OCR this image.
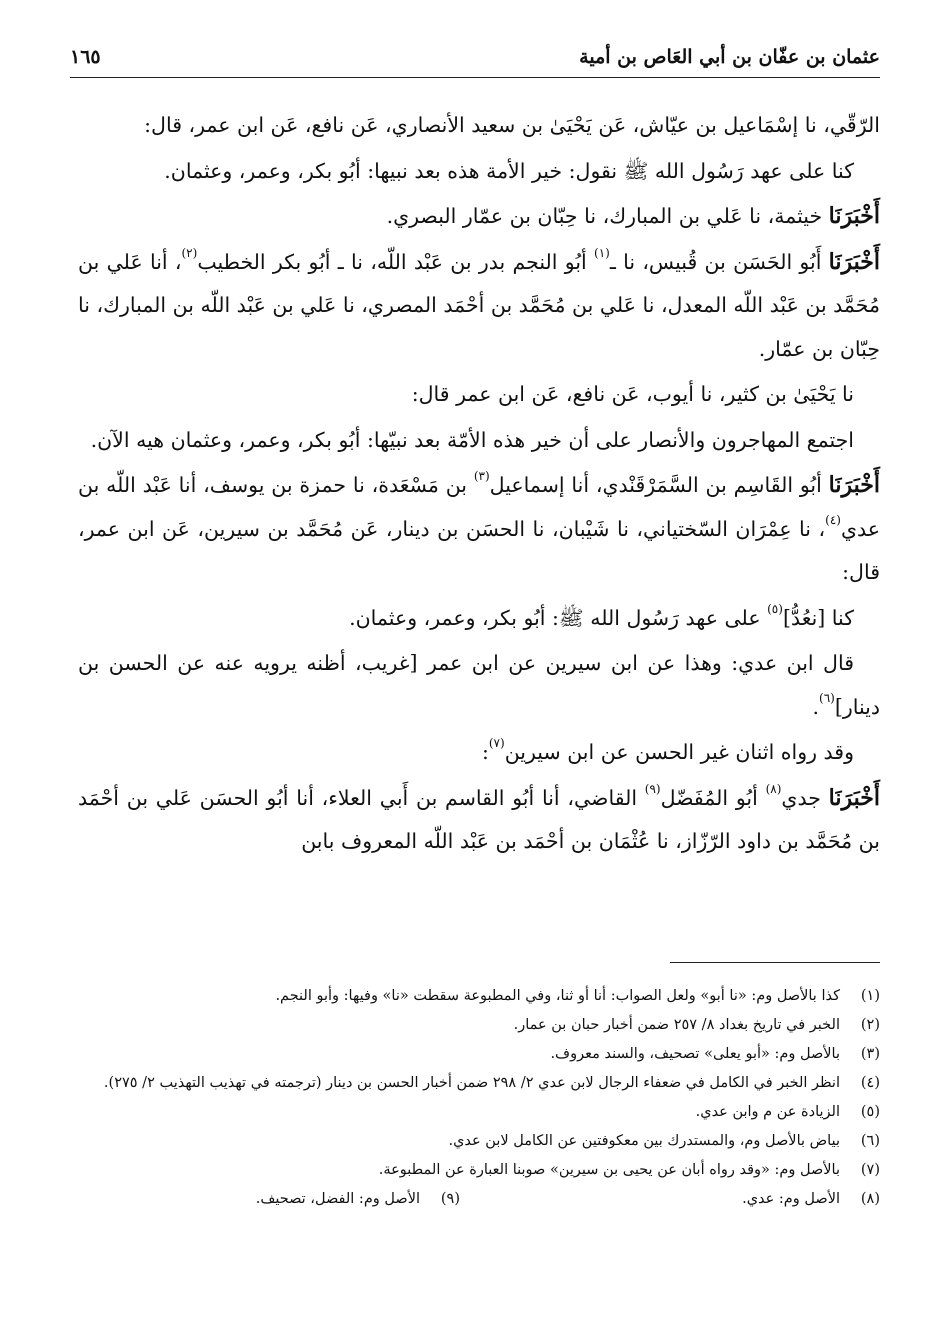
عثمان بن عفّان بن أبي العَاص بن أمية
١٦٥

الرّقّي، نا إسْمَاعيل بن عيّاش، عَن يَحْيَىٰ بن سعيد الأنصاري، عَن نافع، عَن ابن عمر، قال:

كنا على عهد رَسُول الله ﷺ نقول: خير الأمة هذه بعد نبيها: أبُو بكر، وعمر، وعثمان.

أَخْبَرَنَا خيثمة، نا عَلي بن المبارك، نا حِبّان بن عمّار البصري.

أَخْبَرَنَا أَبُو الحَسَن بن قُبيس، نا ـ$^{(١)}$ أبُو النجم بدر بن عَبْد اللّه، نا ـ أبُو بكر الخطيب$^{(٢)}$، أنا عَلي بن مُحَمَّد بن عَبْد اللّه المعدل، نا عَلي بن مُحَمَّد بن أحْمَد المصري، نا عَلي بن عَبْد اللّه بن المبارك، نا حِبّان بن عمّار.

نا يَحْيَىٰ بن كثير، نا أيوب، عَن نافع، عَن ابن عمر قال:

اجتمع المهاجرون والأنصار على أن خير هذه الأمّة بعد نبيّها: أبُو بكر، وعمر، وعثمان هيه الآن.

أَخْبَرَنَا أبُو القَاسِم بن السَّمَرْقَنْدي، أنا إسماعيل$^{(٣)}$ بن مَسْعَدة، نا حمزة بن يوسف، أنا عَبْد اللّه بن عدي$^{(٤)}$، نا عِمْرَان السّختياني، نا شَيْبان، نا الحسَن بن دينار، عَن مُحَمَّد بن سيرين، عَن ابن عمر، قال:

كنا [نعُدُّ]$^{(٥)}$ على عهد رَسُول الله ﷺ: أبُو بكر، وعمر، وعثمان.

قال ابن عدي: وهذا عن ابن سيرين عن ابن عمر [غريب، أظنه يرويه عنه عن الحسن بن دينار]$^{(٦)}$.

وقد رواه اثنان غير الحسن عن ابن سيرين$^{(٧)}$:

أَخْبَرَنَا جدي$^{(٨)}$ أبُو المُفَضّل$^{(٩)}$ القاضي، أنا أبُو القاسم بن أَبي العلاء، أنا أبُو الحسَن عَلي بن أحْمَد بن مُحَمَّد بن داود الرّزّاز، نا عُثْمَان بن أحْمَد بن عَبْد اللّه المعروف بابن

(١)
كذا بالأصل وم: «نا أبو» ولعل الصواب: أنا أو ثنا، وفي المطبوعة سقطت «نا» وفيها: وأبو النجم.
(٢)
الخبر في تاريخ بغداد ٨/ ٢٥٧ ضمن أخبار حبان بن عمار.
(٣)
بالأصل وم: «أبو يعلى» تصحيف، والسند معروف.
(٤)
انظر الخبر في الكامل في ضعفاء الرجال لابن عدي ٢/ ٢٩٨ ضمن أخبار الحسن بن دينار (ترجمته في تهذيب التهذيب ٢/ ٢٧٥).
(٥)
الزيادة عن م وابن عدي.
(٦)
بياض بالأصل وم، والمستدرك بين معكوفتين عن الكامل لابن عدي.
(٧)
بالأصل وم: «وقد رواه أبان عن يحيى بن سيرين» صوبنا العبارة عن المطبوعة.
(٨)
الأصل وم: عدي.
(٩)
الأصل وم: الفضل، تصحيف.
